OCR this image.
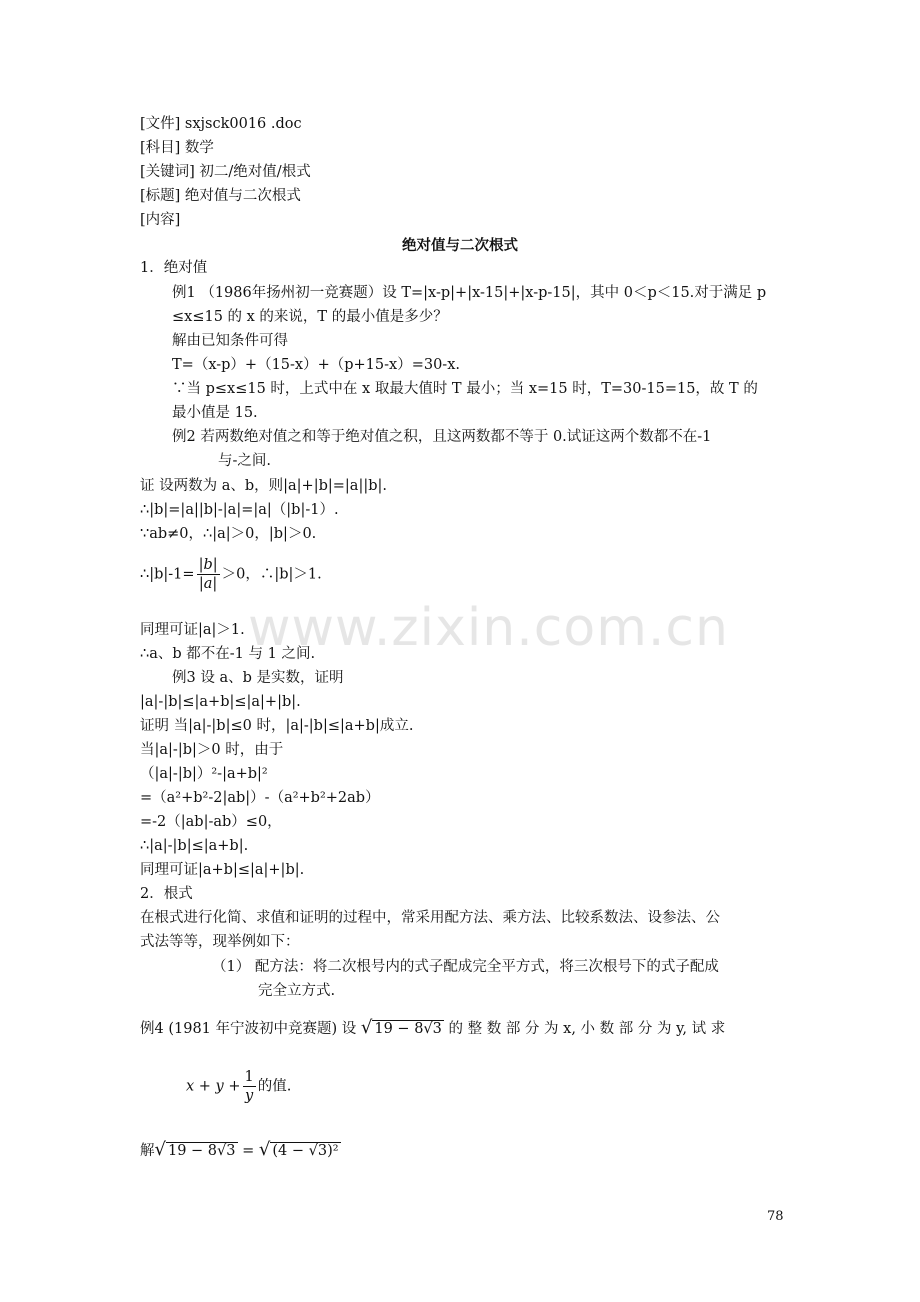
www.zixin.com.cn
[文件] sxjsck0016 .doc
[科目] 数学
[关键词] 初二/绝对值/根式
[标题] 绝对值与二次根式
[内容]
绝对值与二次根式
1．绝对值
例1 （1986年扬州初一竞赛题）设 T=|x-p|+|x-15|+|x-p-15|，其中 0＜p＜15.对于满足 p
≤x≤15 的 x 的来说，T 的最小值是多少？
解由已知条件可得
T=（x-p）+（15-x）+（p+15-x）=30-x.
∵当 p≤x≤15 时，上式中在 x 取最大值时 T 最小；当 x=15 时，T=30-15=15，故 T 的
最小值是 15.
例2 若两数绝对值之和等于绝对值之积，且这两数都不等于 0.试证这两个数都不在-1
与-之间.
证 设两数为 a、b，则|a|+|b|=|a||b|.
∴|b|=|a||b|-|a|=|a|（|b|-1）.
∵ab≠0，∴|a|＞0，|b|＞0.
∴|b|-1= $\frac{|b|}{|a|} >0$，∴|b|＞1.
同理可证|a|＞1.
∴a、b 都不在-1 与 1 之间.
例3 设 a、b 是实数，证明
|a|-|b|≤|a+b|≤|a|+|b|.
证明 当|a|-|b|≤0 时，|a|-|b|≤|a+b|成立.
当|a|-|b|＞0 时，由于
（|a|-|b|）²-|a+b|²
=（a²+b²-2|ab|）-（a²+b²+2ab）
=-2（|ab|-ab）≤0，
∴|a|-|b|≤|a+b|.
同理可证|a+b|≤|a|+|b|.
2．根式
在根式进行化简、求值和证明的过程中，常采用配方法、乘方法、比较系数法、设参法、公
式法等等，现举例如下：
（1） 配方法：将二次根号内的式子配成完全平方式，将三次根号下的式子配成
完全立方式.
例4 (1981 年宁波初中竞赛题) 设 √ 19 − 8√3 的 整 数 部 分 为 x, 小 数 部 分 为 y, 试 求
$x + y + \frac{1}{y}$ 的值.
解√ 19 − 8√3 = √ (4 − √3)²
78
